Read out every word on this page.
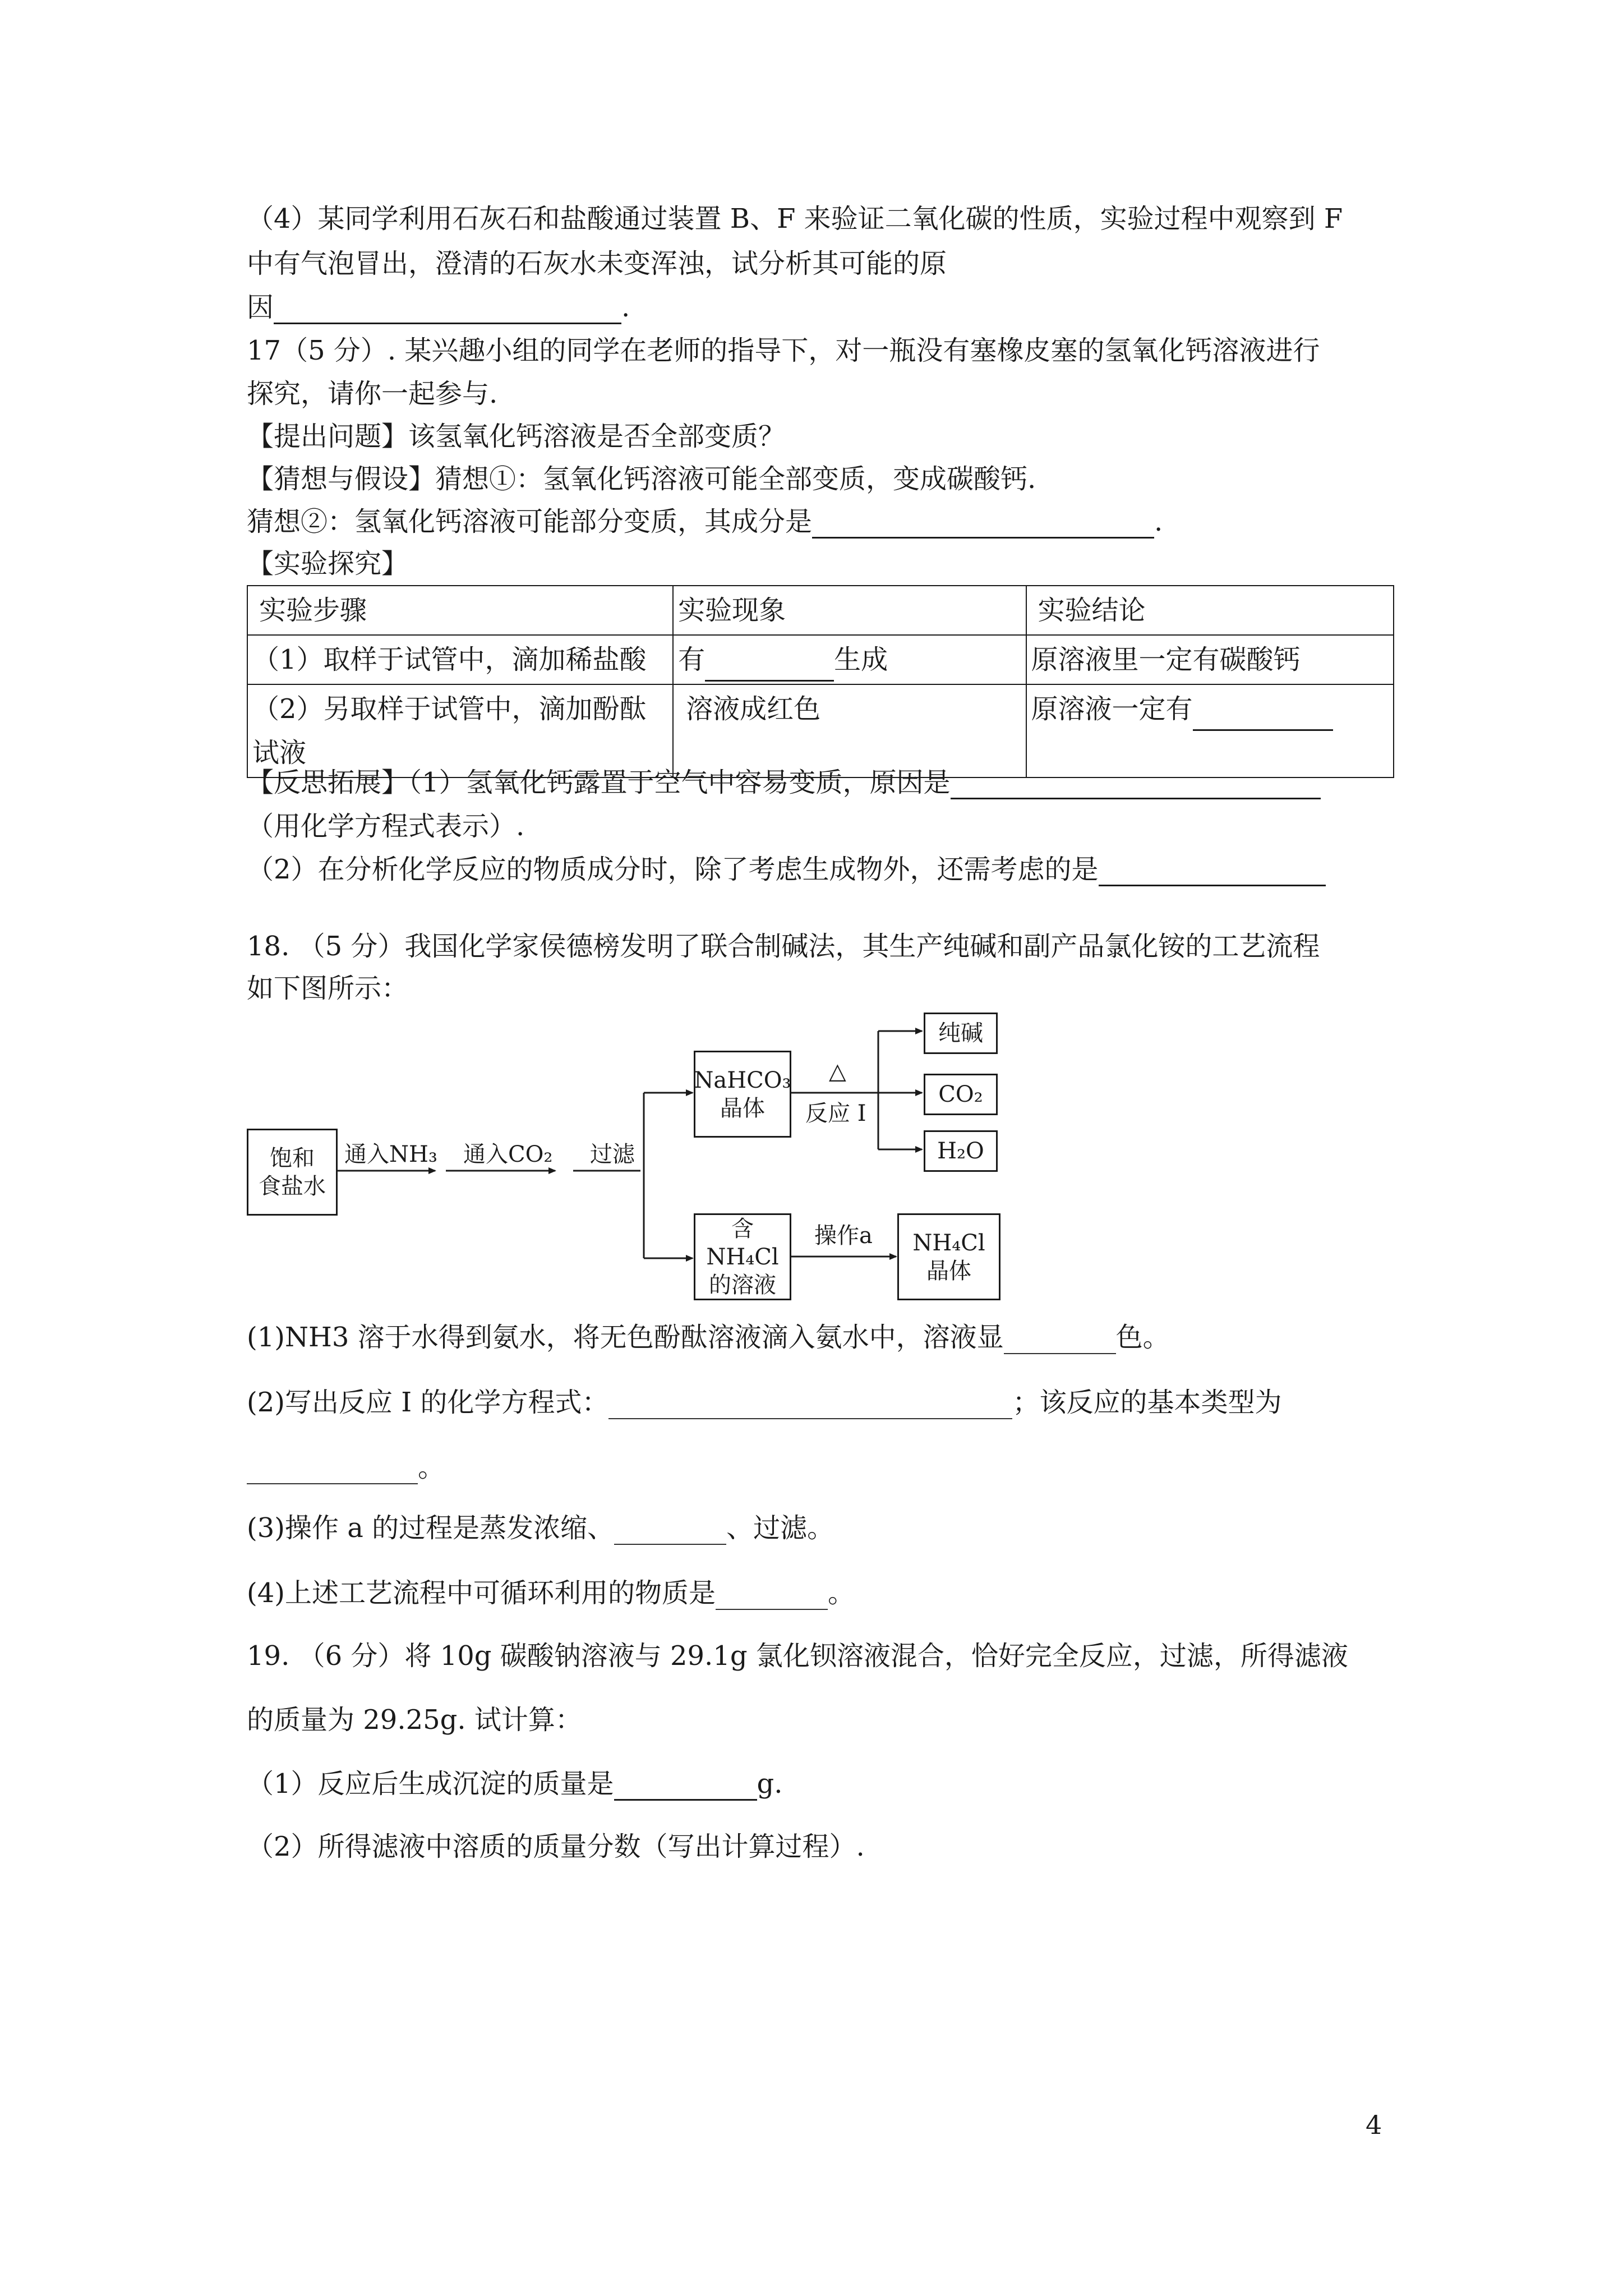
（4）某同学利用石灰石和盐酸通过装置 B、F 来验证二氧化碳的性质，实验过程中观察到 F
中有气泡冒出，澄清的石灰水未变浑浊，试分析其可能的原
因	.
17（5 分）. 某兴趣小组的同学在老师的指导下，对一瓶没有塞橡皮塞的氢氧化钙溶液进行
探究，请你一起参与.
【提出问题】该氢氧化钙溶液是否全部变质？
【猜想与假设】猜想①：氢氧化钙溶液可能全部变质，变成碳酸钙.
猜想②：氢氧化钙溶液可能部分变质，其成分是	.
【实验探究】
实验步骤	实验现象	实验结论
（1）取样于试管中，滴加稀盐酸	有 生成	原溶液里一定有碳酸钙

（2）另取样于试管中，滴加酚酞
试液	溶液成红色	原溶液一定有
【反思拓展】（1）氢氧化钙露置于空气中容易变质，原因是
（用化学方程式表示）.
（2）在分析化学反应的物质成分时，除了考虑生成物外，还需考虑的是
18. （5 分）我国化学家侯德榜发明了联合制碱法，其生产纯碱和副产品氯化铵的工艺流程
如下图所示：
饱和
食盐水
通入NH₃ 通入CO₂ 过滤
NaHCO₃
晶体
△
反应 I
纯碱
CO₂
H₂O
含NH₄Cl
的溶液
操作a NH₄Cl
晶体
(1)NH3 溶于水得到氨水，将无色酚酞溶液滴入氨水中，溶液显	色。
(2)写出反应 I 的化学方程式：	；该反应的基本类型为
。
(3)操作 a 的过程是蒸发浓缩、	、过滤。
(4)上述工艺流程中可循环利用的物质是	。
19. （6 分）将 10g 碳酸钠溶液与 29.1g 氯化钡溶液混合，恰好完全反应，过滤，所得滤液
的质量为 29.25g. 试计算：
（1）反应后生成沉淀的质量是	g.
（2）所得滤液中溶质的质量分数（写出计算过程）.
4
